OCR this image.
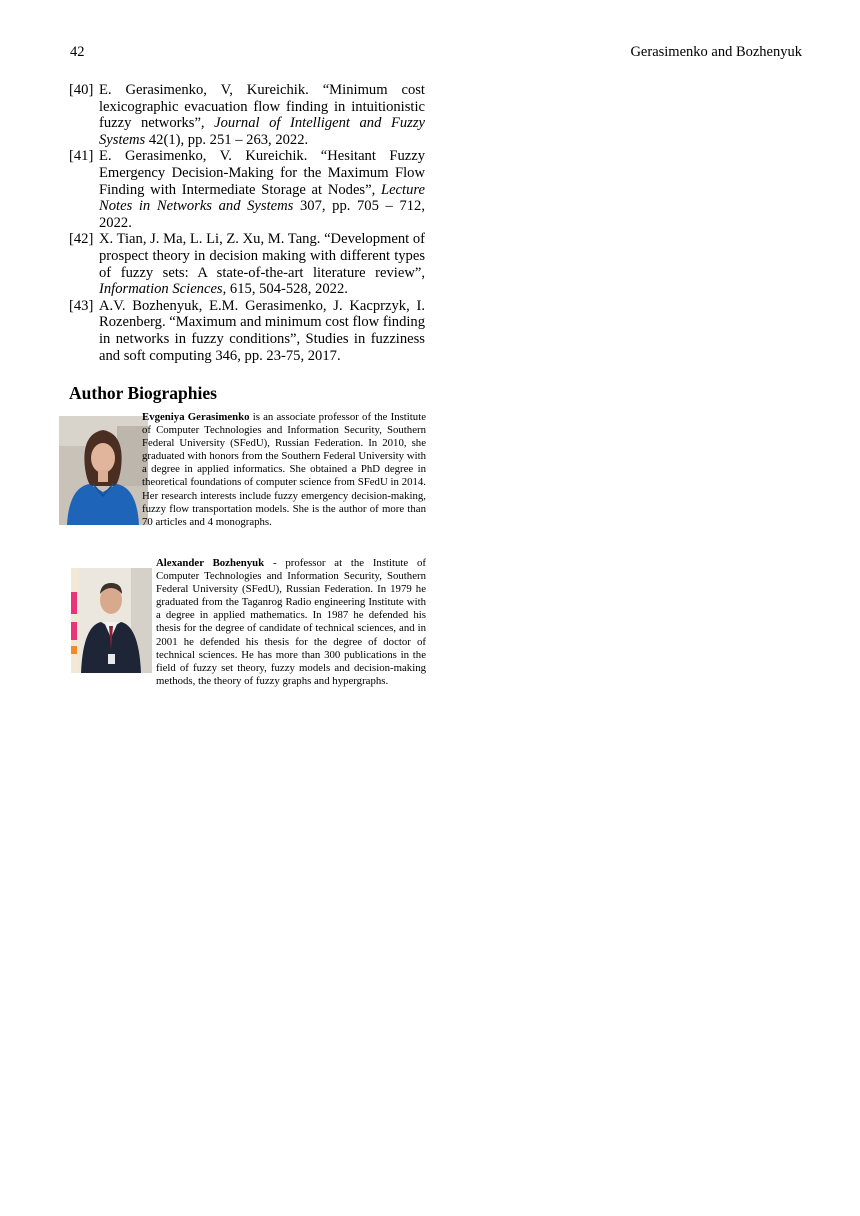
42	Gerasimenko and Bozhenyuk
[40] E. Gerasimenko, V, Kureichik. “Minimum cost lexicographic evacuation flow finding in intuitionistic fuzzy networks”, Journal of Intelligent and Fuzzy Systems 42(1), pp. 251 – 263, 2022.
[41] E. Gerasimenko, V. Kureichik. “Hesitant Fuzzy Emergency Decision-Making for the Maximum Flow Finding with Intermediate Storage at Nodes”, Lecture Notes in Networks and Systems 307, pp. 705 – 712, 2022.
[42] X. Tian, J. Ma, L. Li, Z. Xu, M. Tang. “Development of prospect theory in decision making with different types of fuzzy sets: A state-of-the-art literature review”, Information Sciences, 615, 504-528, 2022.
[43] A.V. Bozhenyuk, E.M. Gerasimenko, J. Kacprzyk, I. Rozenberg. “Maximum and minimum cost flow finding in networks in fuzzy conditions”, Studies in fuzziness and soft computing 346, pp. 23-75, 2017.
Author Biographies
Evgeniya Gerasimenko is an associate professor of the Institute of Computer Technologies and Information Security, Southern Federal University (SFedU), Russian Federation. In 2010, she graduated with honors from the Southern Federal University with a degree in applied informatics. She obtained a PhD degree in theoretical foundations of computer science from SFedU in 2014. Her research interests include fuzzy emergency decision-making, fuzzy flow transportation models. She is the author of more than 70 articles and 4 monographs.
Alexander Bozhenyuk - professor at the Institute of Computer Technologies and Information Security, Southern Federal University (SFedU), Russian Federation. In 1979 he graduated from the Taganrog Radio engineering Institute with a degree in applied mathematics. In 1987 he defended his thesis for the degree of candidate of technical sciences, and in 2001 he defended his thesis for the degree of doctor of technical sciences. He has more than 300 publications in the field of fuzzy set theory, fuzzy models and decision-making methods, the theory of fuzzy graphs and hypergraphs.
